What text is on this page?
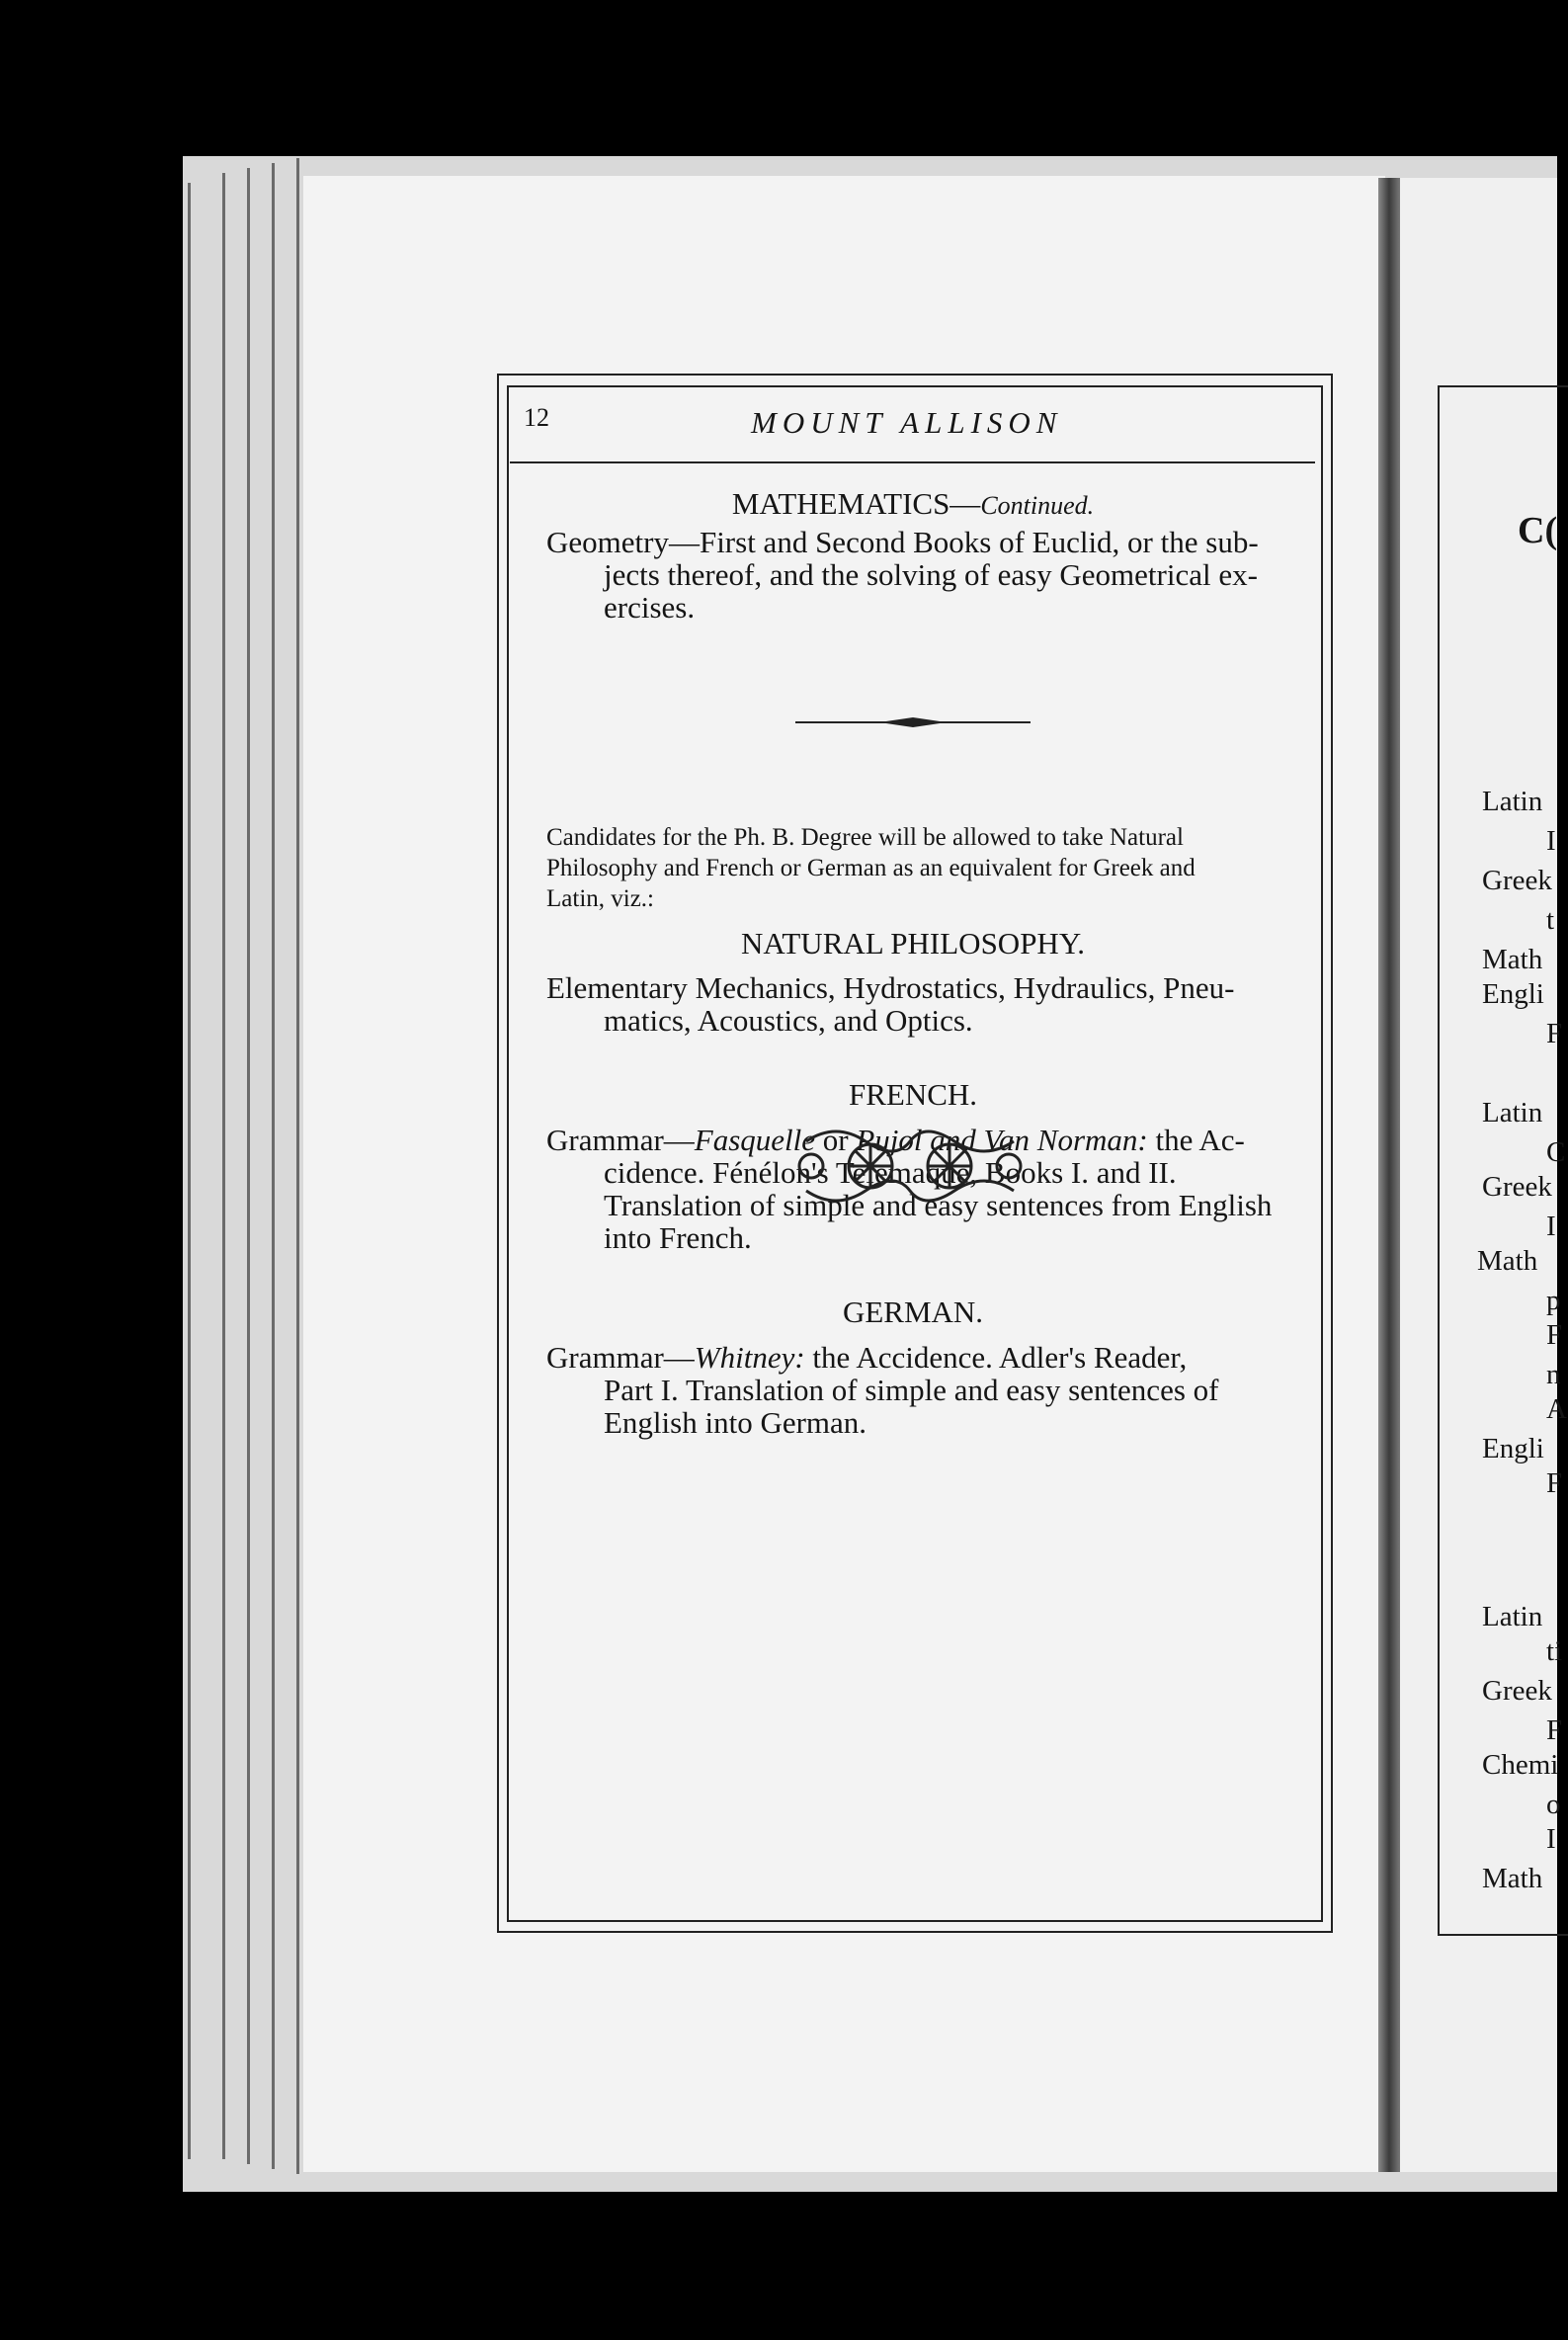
C(
12	MOUNT ALLISON
MATHEMATICS—Continued.
Geometry—First and Second Books of Euclid, or the sub-
jects thereof, and the solving of easy Geometrical ex-
ercises.
Candidates for the Ph. B. Degree will be allowed to take Natural
Philosophy and French or German as an equivalent for Greek and
Latin, viz.:
NATURAL PHILOSOPHY.
Elementary Mechanics, Hydrostatics, Hydraulics, Pneu-
matics, Acoustics, and Optics.
FRENCH.
Grammar—Fasquelle or Pujol and Van Norman: the Ac-
cidence. Fénélon's Telemaque, Books I. and II.
Translation of simple and easy sentences from English
into French.
GERMAN.
Grammar—Whitney: the Accidence. Adler's Reader,
Part I. Translation of simple and easy sentences of
English into German.
Latin
I
Greek
t
Math
Engli
F
Latin
C
Greek
I
Math
p
F
n
A
Engli
F
Latin
ti
Greek
F
Chemi
o
I
Math
